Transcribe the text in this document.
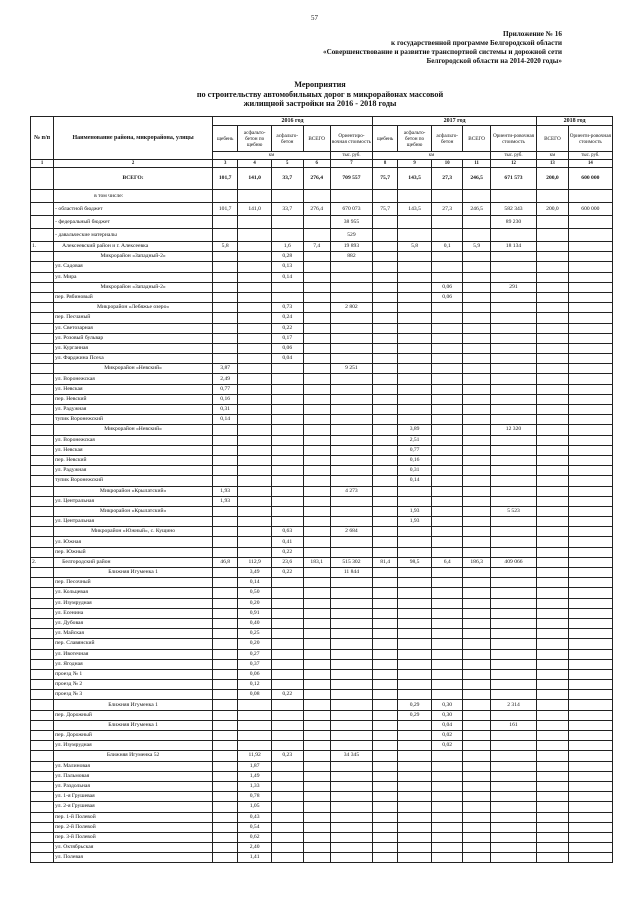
57
Приложение № 16
к государственной программе Белгородской области
«Совершенствование и развитие транспортной системы и дорожной сети
Белгородской области на 2014-2020 годы»
Мероприятия
по строительству автомобильных дорог в микрорайонах массовой
жилищной застройки на 2016 - 2018 годы
№ п/п	Наименование района, микрорайона, улицы	2016 год					2017 год					2018 год	
		щебень	асфальто-бетон по щебню	асфальто-бетон	ВСЕГО	Ориентиро-вочная стоимость	щебень	асфальто-бетон по щебню	асфальто-бетон	ВСЕГО	Ориенти-ровочная стоимость	ВСЕГО	Ориенти-ровочная стоимость
		км				тыс. руб.	км				тыс. руб.	км	тыс. руб.
1	2	3	4	5	6	7	8	9	10	11	12	13	14
	ВСЕГО:	101,7	141,0	33,7	276,4	709 557	75,7	143,5	27,3	246,5	671 573	200,0	600 000
	в том числе:												
	- областной бюджет	101,7	141,0	33,7	276,4	670 073	75,7	143,5	27,3	246,5	582 343	200,0	600 000
	- федеральный бюджет					38 955					89 230		
	- давальческие материалы					529							
1.	Алексеевский район и г. Алексеевка	5,8		1,6	7,4	19 893		5,8	0,1	5,9	18 134		
	Микрорайон «Западный-2»			0,28		882							
	ул. Садовая			0,13									
	ул. Мира			0,14									
	Микрорайон «Западный-2»								0,06		291		
	пер. Рябиновый								0,06				
	Микрорайон «Лебяжье озеро»			0,73		2 802							
	пер. Песчаный			0,24									
	ул. Светозарная			0,22									
	ул. Розовый бульвар			0,17									
	ул. Курганная			0,06									
	ул. Фарджина Псеха			0,04									
	Микрорайон «Невский»	3,87				9 251							
	ул. Воронежская	2,49											
	ул. Невская	0,77											
	пер. Невский	0,16											
	ул. Радужная	0,31											
	тупик Воронежский	0,14											
	Микрорайон «Невский»							3,89			12 320		
	ул. Воронежская							2,51					
	ул. Невская							0,77					
	пер. Невский							0,16					
	ул. Радужная							0,31					
	тупик Воронежский							0,14					
	Микрорайон «Крылатский»	1,93				4 273							
	ул. Центральная	1,93											
	Микрорайон «Крылатский»							1,93			5 523		
	ул. Центральная							1,93					
	Микрорайон «Южный», с. Кущино			0,63		2 684							
	ул. Южная			0,41									
	пер. Южный			0,22									
2.	Белгородский район	46,8	112,9	23,6	183,1	515 302	81,4	98,5	6,4	186,3	409 066		
	Ближняя Игуменка 1		3,49	0,22		11 844							
	пер. Песочный		0,14										
	ул. Кольцевая		0,50										
	ул. Изумрудная		0,20										
	ул. Есенина		0,91										
	ул. Дубовая		0,40										
	ул. Майская		0,25										
	пер. Славянский		0,20										
	ул. Ивотечная		0,27										
	ул. Ягодная		0,37										
	проезд № 1		0,06										
	проезд № 2		0,12										
	проезд № 3		0,08	0,22									
	Ближняя Игуменка 1							0,29	0,30		2 314		
	пер. Дорожный							0,29	0,30				
	Ближняя Игуменка 1								0,04		161		
	пер. Дорожный								0,02				
	ул. Изумрудная								0,02				
	Ближняя Игуменка 52		11,92	0,23		34 345							
	ул. Малиновая		1,87										
	ул. Пальмовая		1,49										
	ул. Раздольная		1,33										
	ул. 1-я Грушевая		0,78										
	ул. 2-я Грушевая		1,05										
	пер. 1-й Полевой		0,43										
	пер. 2-й Полевой		0,54										
	пер. 3-й Полевой		0,62										
	ул. Октябрьская		2,40										
	ул. Полевая		1,41										
